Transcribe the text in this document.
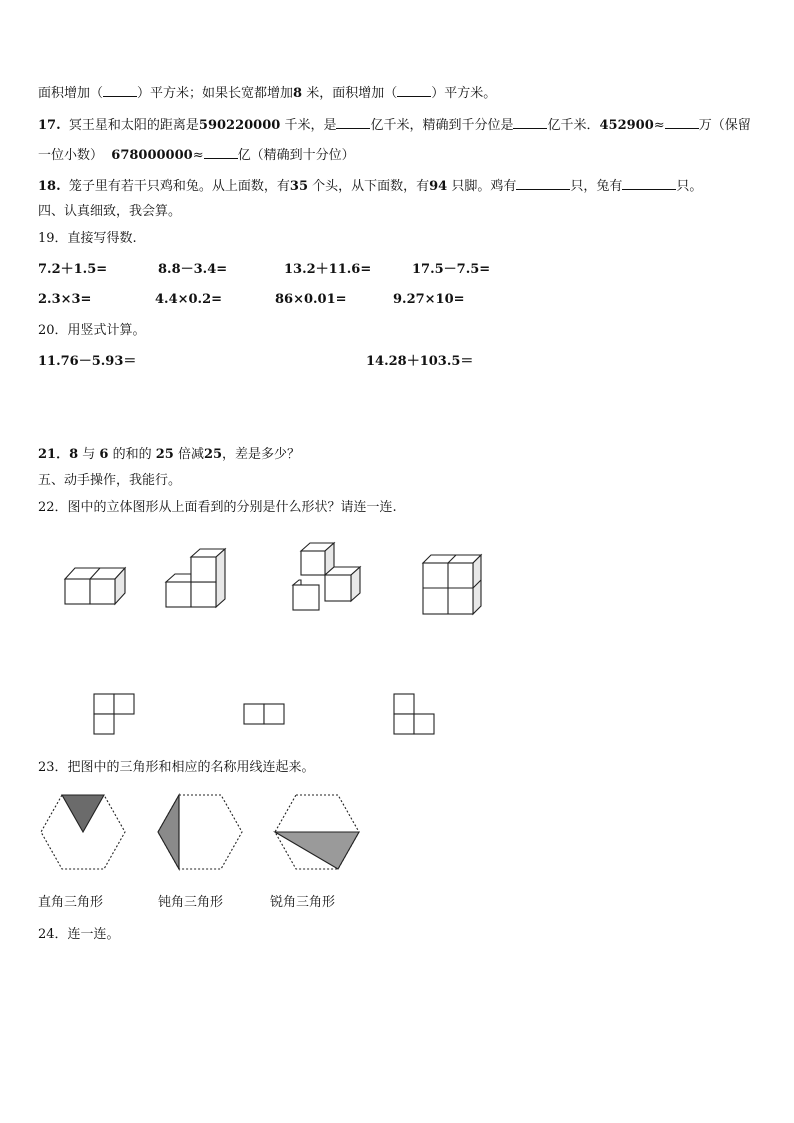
面积增加（	）平方米；如果长宽都增加8 米，面积增加（	）平方米。
17. 冥王星和太阳的距离是590220000 千米，是	亿千米，精确到千分位是	亿千米．452900≈	万（保留
一位小数） 678000000≈	亿（精确到十分位）
18. 笼子里有若干只鸡和兔。从上面数，有35 个头，从下面数，有94 只脚。鸡有	只，兔有	只。
四、认真细致，我会算。
19．直接写得数.
7.2＋1.5=	8.8－3.4=	13.2＋11.6=	17.5－7.5=
2.3×3=	4.4×0.2=	86×0.01=	9.27×10=
20．用竖式计算。
11.76－5.93＝	14.28＋103.5＝
21．8 与 6 的和的 25 倍减25，差是多少？
五、动手操作，我能行。
22．图中的立体图形从上面看到的分别是什么形状？请连一连.
23．把图中的三角形和相应的名称用线连起来。
直角三角形	钝角三角形	锐角三角形
24．连一连。
